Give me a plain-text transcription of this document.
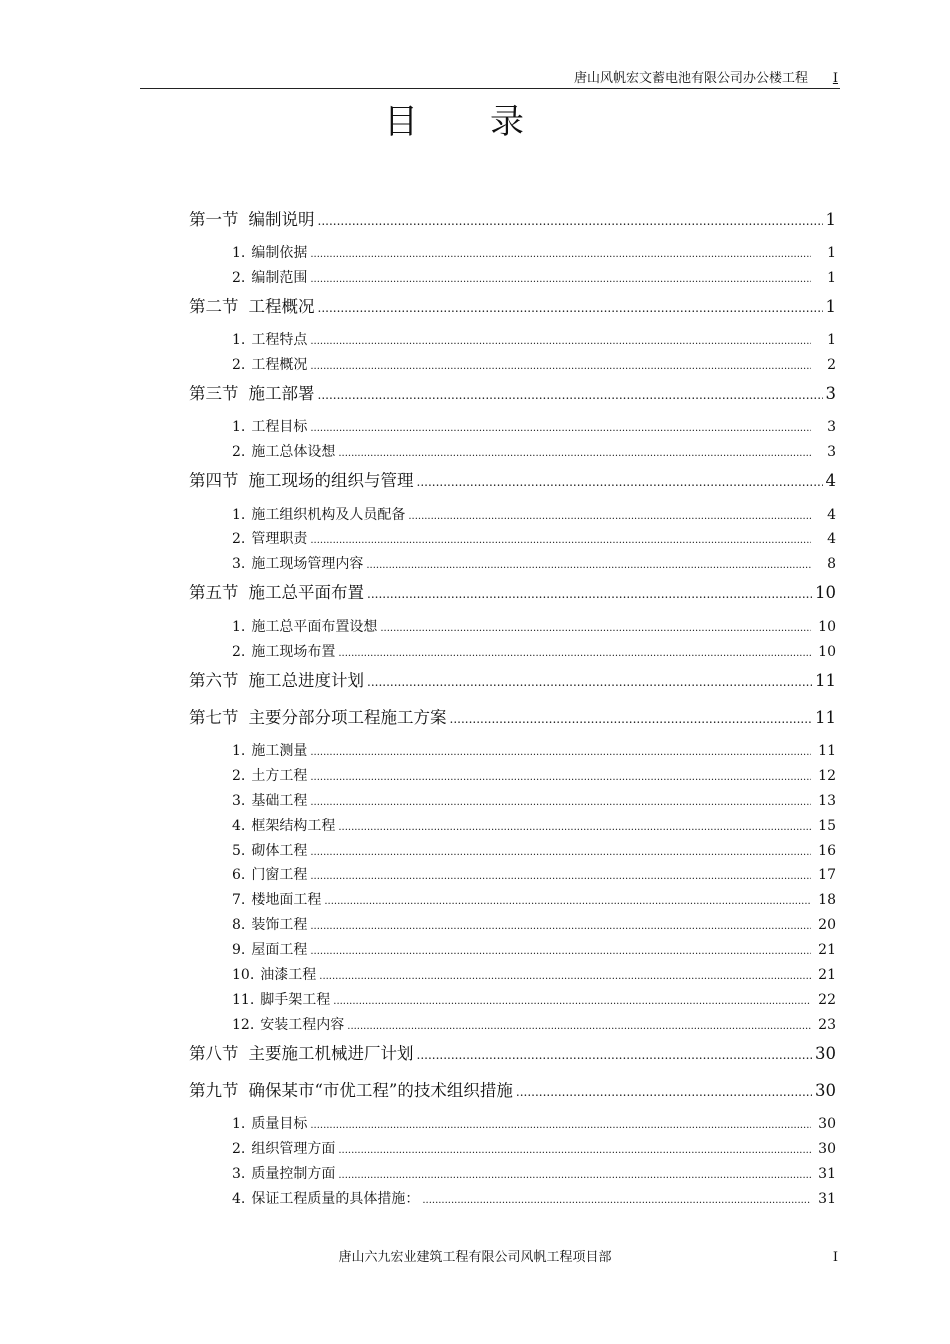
唐山风帆宏文蓄电池有限公司办公楼工程 I
目录
第一节 编制说明 .....	1
1. 编制依据 .....	1
2. 编制范围 .....	1
第二节 工程概况 .....	1
1. 工程特点 .....	1
2. 工程概况 .....	2
第三节 施工部署 .....	3
1. 工程目标 .....	3
2. 施工总体设想 .....	3
第四节 施工现场的组织与管理 .....	4
1. 施工组织机构及人员配备 .....	4
2. 管理职责 .....	4
3. 施工现场管理内容 .....	8
第五节 施工总平面布置 .....	10
1. 施工总平面布置设想 .....	10
2. 施工现场布置 .....	10
第六节 施工总进度计划 .....	11
第七节 主要分部分项工程施工方案 .....	11
1. 施工测量 .....	11
2. 土方工程 .....	12
3. 基础工程 .....	13
4. 框架结构工程 .....	15
5. 砌体工程 .....	16
6. 门窗工程 .....	17
7. 楼地面工程 .....	18
8. 装饰工程 .....	20
9. 屋面工程 .....	21
10. 油漆工程 .....	21
11. 脚手架工程 .....	22
12. 安装工程内容 .....	23
第八节 主要施工机械进厂计划 .....	30
第九节 确保某市“市优工程”的技术组织措施 .....	30
1. 质量目标 .....	30
2. 组织管理方面 .....	30
3. 质量控制方面 .....	31
4. 保证工程质量的具体措施： .....	31
唐山六九宏业建筑工程有限公司风帆工程项目部	I
